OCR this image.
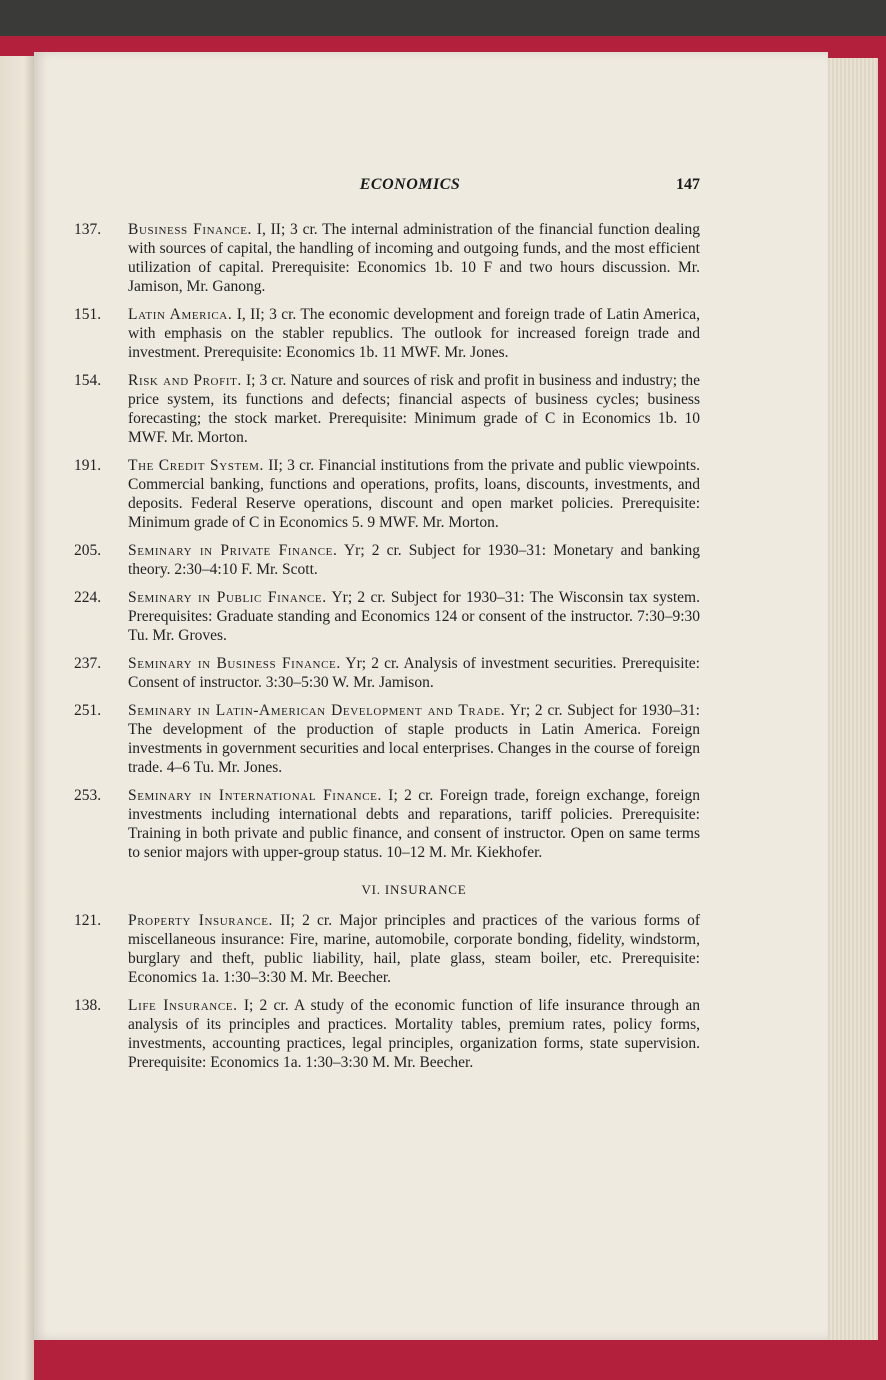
ECONOMICS	147
137.	Business Finance. I, II; 3 cr. The internal administration of the financial function dealing with sources of capital, the handling of incoming and outgoing funds, and the most efficient utilization of capital. Prerequisite: Economics 1b. 10 F and two hours discussion. Mr. Jamison, Mr. Ganong.
151.	Latin America. I, II; 3 cr. The economic development and foreign trade of Latin America, with emphasis on the stabler republics. The outlook for increased foreign trade and investment. Prerequisite: Economics 1b. 11 MWF. Mr. Jones.
154.	Risk and Profit. I; 3 cr. Nature and sources of risk and profit in business and industry; the price system, its functions and defects; financial aspects of business cycles; business forecasting; the stock market. Prerequisite: Minimum grade of C in Economics 1b. 10 MWF. Mr. Morton.
191.	The Credit System. II; 3 cr. Financial institutions from the private and public viewpoints. Commercial banking, functions and operations, profits, loans, discounts, investments, and deposits. Federal Reserve operations, discount and open market policies. Prerequisite: Minimum grade of C in Economics 5. 9 MWF. Mr. Morton.
205.	Seminary in Private Finance. Yr; 2 cr. Subject for 1930–31: Monetary and banking theory. 2:30–4:10 F. Mr. Scott.
224.	Seminary in Public Finance. Yr; 2 cr. Subject for 1930–31: The Wisconsin tax system. Prerequisites: Graduate standing and Economics 124 or consent of the instructor. 7:30–9:30 Tu. Mr. Groves.
237.	Seminary in Business Finance. Yr; 2 cr. Analysis of investment securities. Prerequisite: Consent of instructor. 3:30–5:30 W. Mr. Jamison.
251.	Seminary in Latin-American Development and Trade. Yr; 2 cr. Subject for 1930–31: The development of the production of staple products in Latin America. Foreign investments in government securities and local enterprises. Changes in the course of foreign trade. 4–6 Tu. Mr. Jones.
253.	Seminary in International Finance. I; 2 cr. Foreign trade, foreign exchange, foreign investments including international debts and reparations, tariff policies. Prerequisite: Training in both private and public finance, and consent of instructor. Open on same terms to senior majors with upper-group status. 10–12 M. Mr. Kiekhofer.
VI. INSURANCE
121.	Property Insurance. II; 2 cr. Major principles and practices of the various forms of miscellaneous insurance: Fire, marine, automobile, corporate bonding, fidelity, windstorm, burglary and theft, public liability, hail, plate glass, steam boiler, etc. Prerequisite: Economics 1a. 1:30–3:30 M. Mr. Beecher.
138.	Life Insurance. I; 2 cr. A study of the economic function of life insurance through an analysis of its principles and practices. Mortality tables, premium rates, policy forms, investments, accounting practices, legal principles, organization forms, state supervision. Prerequisite: Economics 1a. 1:30–3:30 M. Mr. Beecher.
